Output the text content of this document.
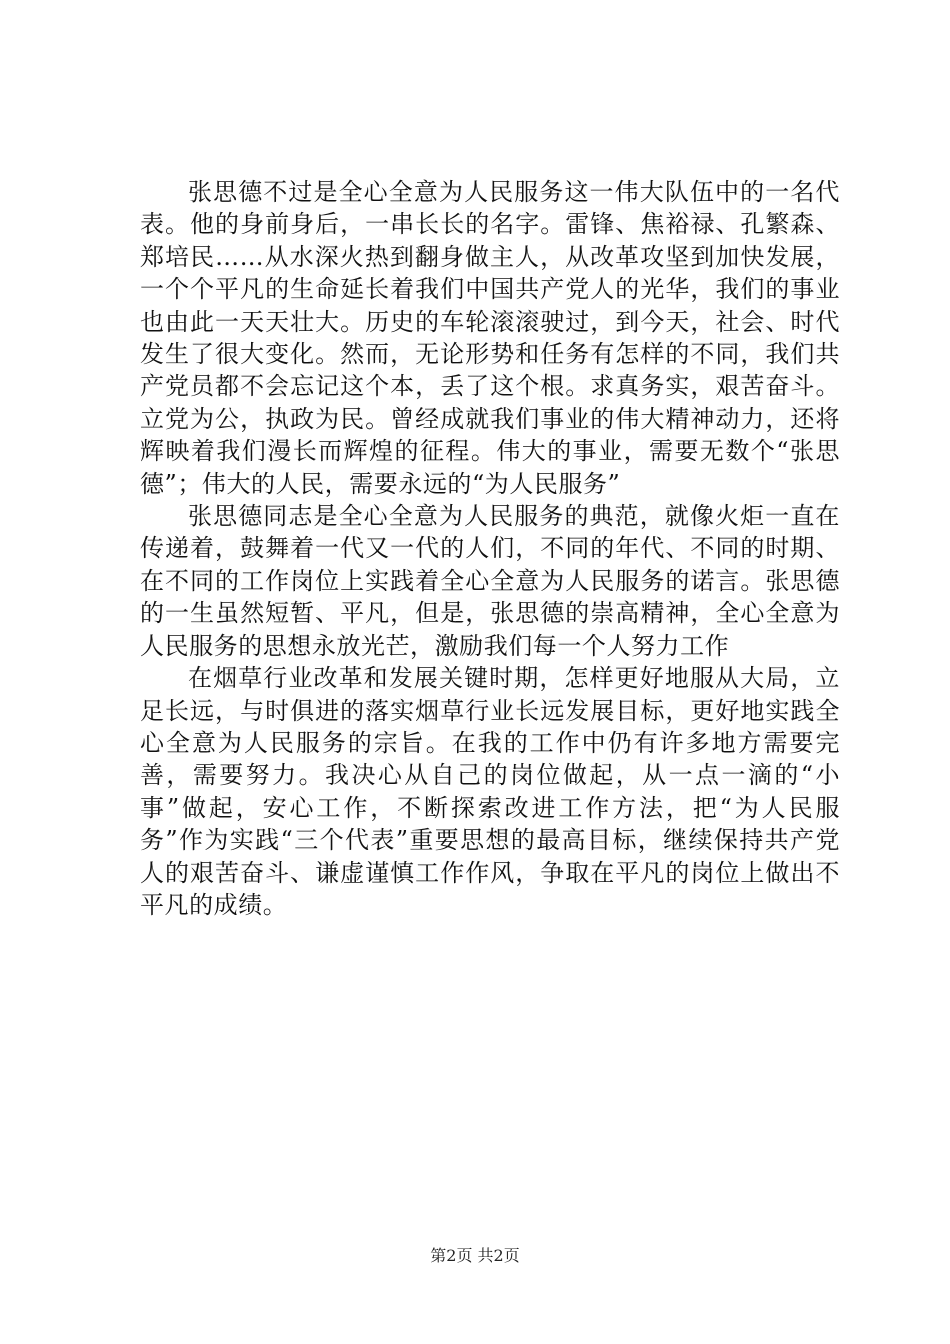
张思德不过是全心全意为人民服务这一伟大队伍中的一名代表。他的身前身后，一串长长的名字。雷锋、焦裕禄、孔繁森、郑培民……从水深火热到翻身做主人，从改革攻坚到加快发展，一个个平凡的生命延长着我们中国共产党人的光华，我们的事业也由此一天天壮大。历史的车轮滚滚驶过，到今天，社会、时代发生了很大变化。然而，无论形势和任务有怎样的不同，我们共产党员都不会忘记这个本，丢了这个根。求真务实，艰苦奋斗。立党为公，执政为民。曾经成就我们事业的伟大精神动力，还将辉映着我们漫长而辉煌的征程。伟大的事业，需要无数个“张思德”；伟大的人民，需要永远的“为人民服务”

张思德同志是全心全意为人民服务的典范，就像火炬一直在传递着，鼓舞着一代又一代的人们，不同的年代、不同的时期、在不同的工作岗位上实践着全心全意为人民服务的诺言。张思德的一生虽然短暂、平凡，但是，张思德的崇高精神，全心全意为人民服务的思想永放光芒，激励我们每一个人努力工作

在烟草行业改革和发展关键时期，怎样更好地服从大局，立足长远，与时俱进的落实烟草行业长远发展目标，更好地实践全心全意为人民服务的宗旨。在我的工作中仍有许多地方需要完善，需要努力。我决心从自己的岗位做起，从一点一滴的“小事”做起，安心工作，不断探索改进工作方法，把“为人民服务”作为实践“三个代表”重要思想的最高目标，继续保持共产党人的艰苦奋斗、谦虚谨慎工作作风，争取在平凡的岗位上做出不平凡的成绩。

第2页 共2页
